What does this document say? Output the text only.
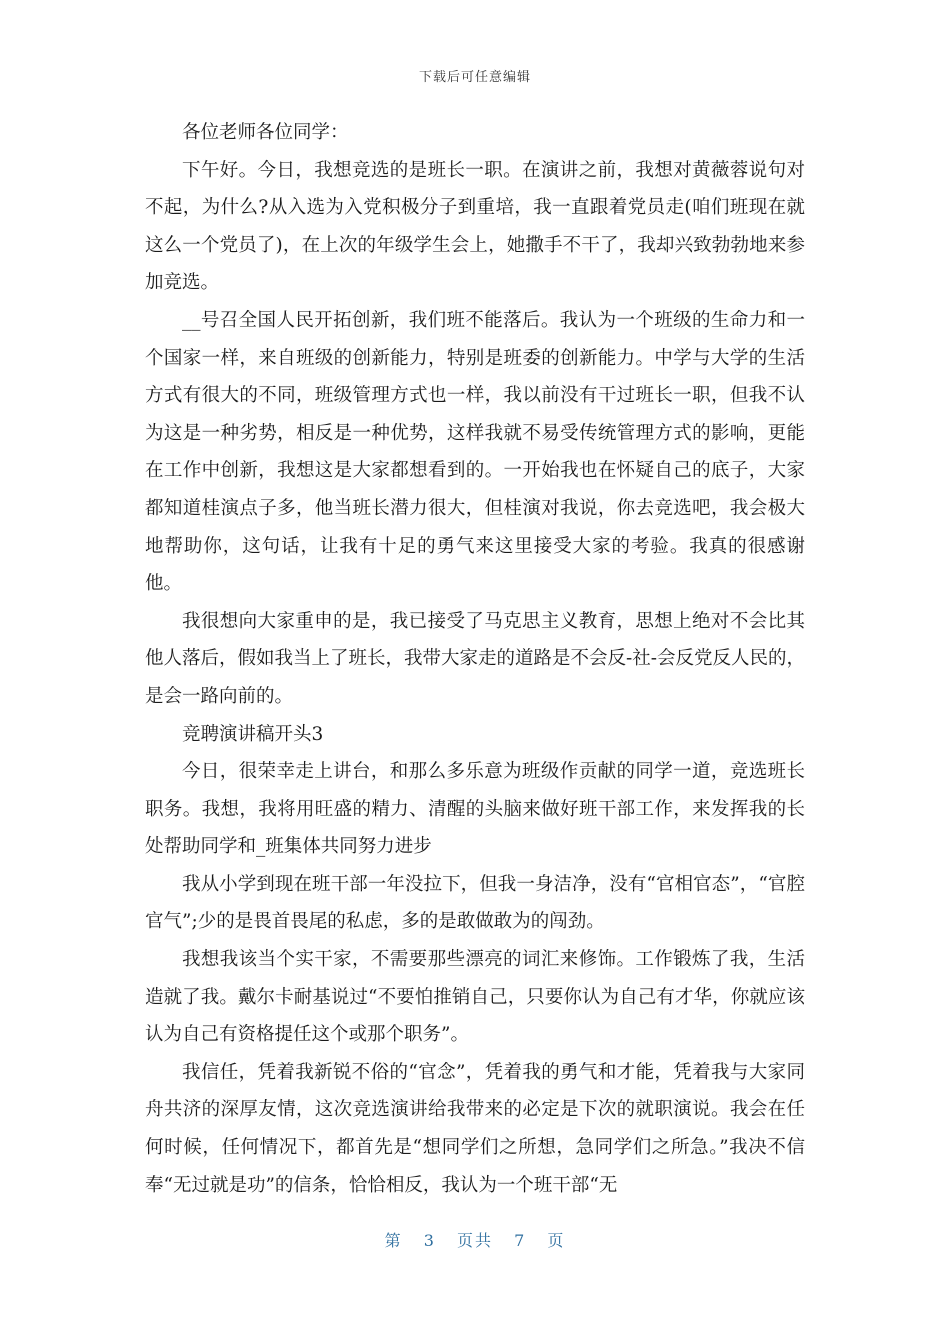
下载后可任意编辑

各位老师各位同学：

下午好。今日，我想竞选的是班长一职。在演讲之前，我想对黄薇蓉说句对不起，为什么?从入选为入党积极分子到重培，我一直跟着党员走(咱们班现在就这么一个党员了)，在上次的年级学生会上，她撒手不干了，我却兴致勃勃地来参加竞选。

__号召全国人民开拓创新，我们班不能落后。我认为一个班级的生命力和一个国家一样，来自班级的创新能力，特别是班委的创新能力。中学与大学的生活方式有很大的不同，班级管理方式也一样，我以前没有干过班长一职，但我不认为这是一种劣势，相反是一种优势，这样我就不易受传统管理方式的影响，更能在工作中创新，我想这是大家都想看到的。一开始我也在怀疑自己的底子，大家都知道桂演点子多，他当班长潜力很大，但桂演对我说，你去竞选吧，我会极大地帮助你，这句话，让我有十足的勇气来这里接受大家的考验。我真的很感谢他。

我很想向大家重申的是，我已接受了马克思主义教育，思想上绝对不会比其他人落后，假如我当上了班长，我带大家走的道路是不会反-社-会反党反人民的，是会一路向前的。

竞聘演讲稿开头3

今日，很荣幸走上讲台，和那么多乐意为班级作贡献的同学一道，竞选班长职务。我想，我将用旺盛的精力、清醒的头脑来做好班干部工作，来发挥我的长处帮助同学和_班集体共同努力进步

我从小学到现在班干部一年没拉下，但我一身洁净，没有“官相官态”，“官腔官气”;少的是畏首畏尾的私虑，多的是敢做敢为的闯劲。

我想我该当个实干家，不需要那些漂亮的词汇来修饰。工作锻炼了我，生活造就了我。戴尔卡耐基说过“不要怕推销自己，只要你认为自己有才华，你就应该认为自己有资格提任这个或那个职务”。

我信任，凭着我新锐不俗的“官念”，凭着我的勇气和才能，凭着我与大家同舟共济的深厚友情，这次竞选演讲给我带来的必定是下次的就职演说。我会在任何时候，任何情况下，都首先是“想同学们之所想，急同学们之所急。”我决不信奉“无过就是功”的信条，恰恰相反，我认为一个班干部“无

第 3 页共 7 页
